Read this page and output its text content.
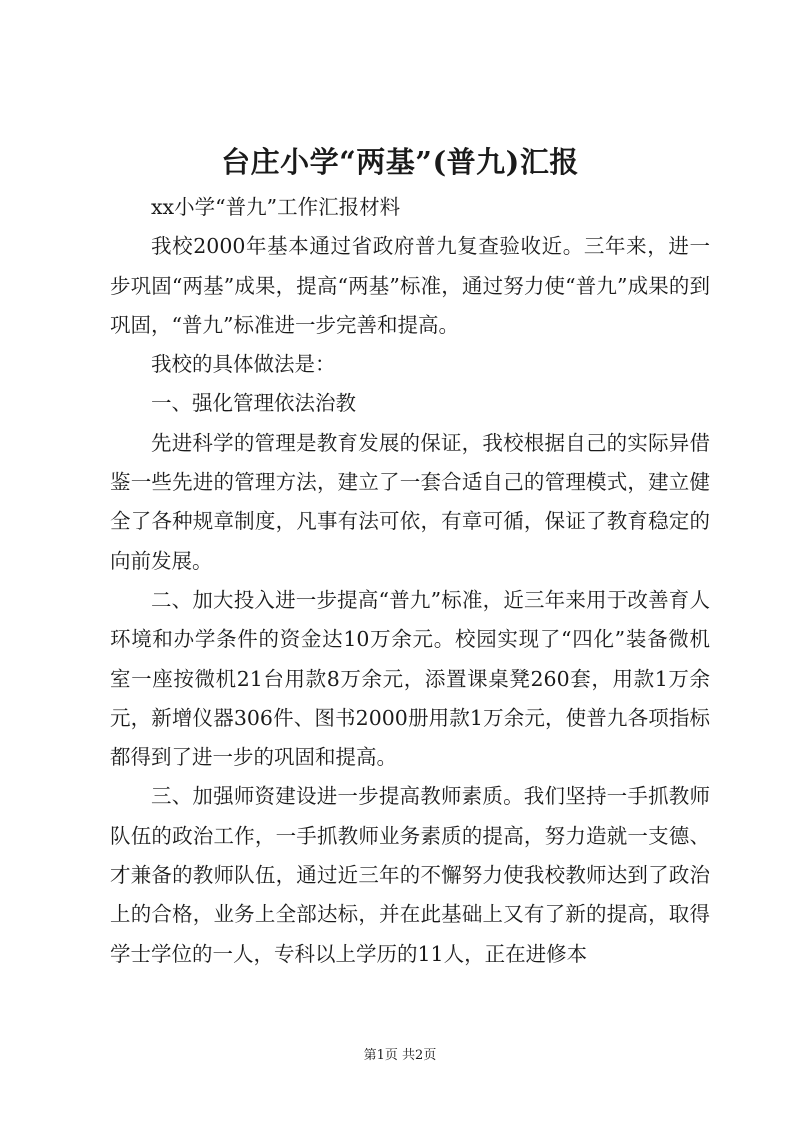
台庄小学“两基”(普九)汇报

xx小学“普九”工作汇报材料

我校2000年基本通过省政府普九复查验收近。三年来，进一步巩固“两基”成果，提高“两基”标准，通过努力使“普九”成果的到巩固，“普九”标准进一步完善和提高。

我校的具体做法是：

一、强化管理依法治教

先进科学的管理是教育发展的保证，我校根据自己的实际异借鉴一些先进的管理方法，建立了一套合适自己的管理模式，建立健全了各种规章制度，凡事有法可依，有章可循，保证了教育稳定的向前发展。

二、加大投入进一步提高“普九”标准，近三年来用于改善育人环境和办学条件的资金达10万余元。校园实现了“四化”装备微机室一座按微机21台用款8万余元，添置课桌凳260套，用款1万余元，新增仪器306件、图书2000册用款1万余元，使普九各项指标都得到了进一步的巩固和提高。

三、加强师资建设进一步提高教师素质。我们坚持一手抓教师队伍的政治工作，一手抓教师业务素质的提高，努力造就一支德、才兼备的教师队伍，通过近三年的不懈努力使我校教师达到了政治上的合格，业务上全部达标，并在此基础上又有了新的提高，取得学士学位的一人，专科以上学历的11人，正在进修本

第1页 共2页
